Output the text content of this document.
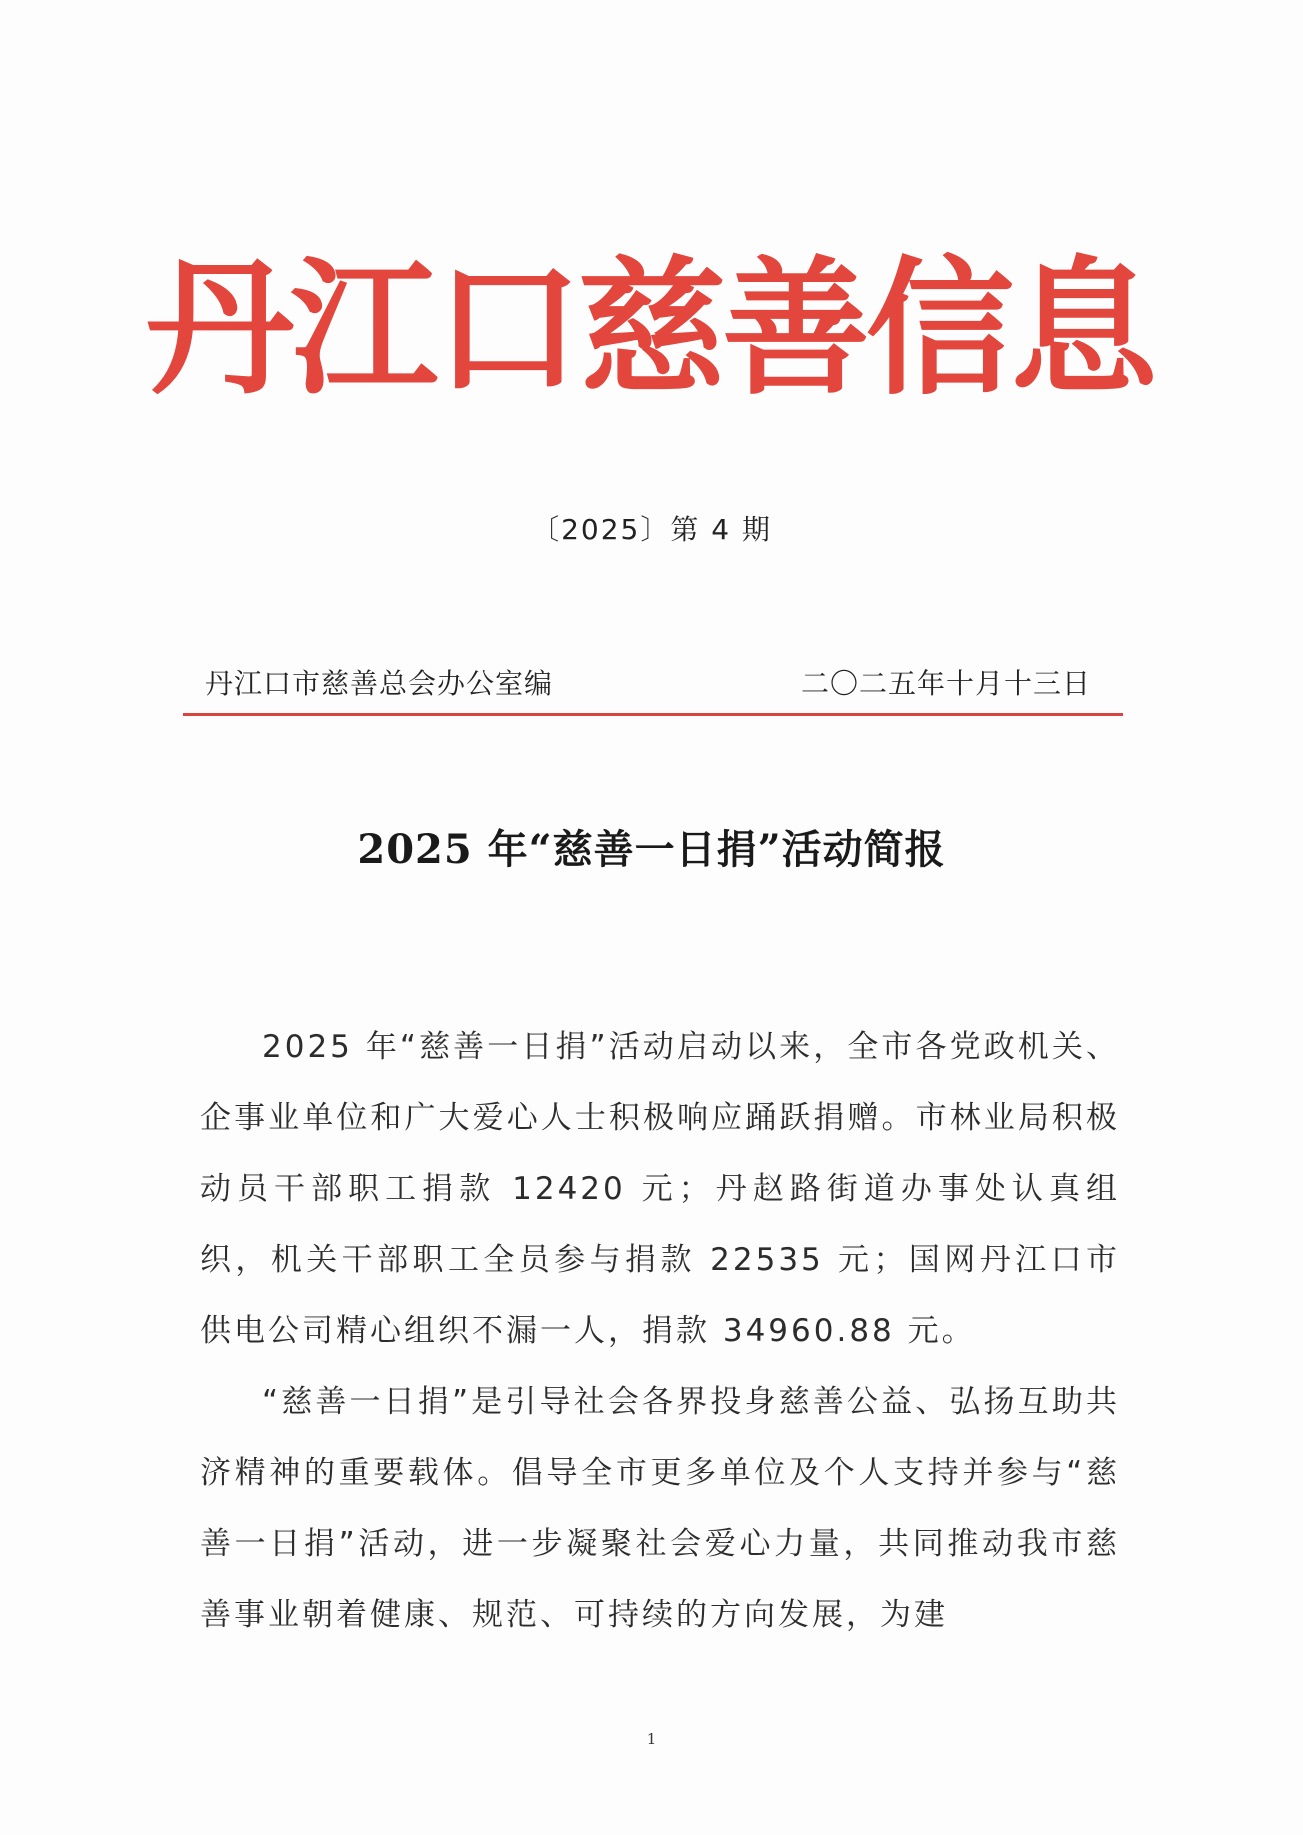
丹江口慈善信息
〔2025〕第 4 期
丹江口市慈善总会办公室编	二〇二五年十月十三日
2025 年“慈善一日捐”活动简报

2025 年“慈善一日捐”活动启动以来，全市各党政机关、企事业单位和广大爱心人士积极响应踊跃捐赠。市林业局积极动员干部职工捐款 12420 元；丹赵路街道办事处认真组织，机关干部职工全员参与捐款 22535 元；国网丹江口市供电公司精心组织不漏一人，捐款 34960.88 元。

“慈善一日捐”是引导社会各界投身慈善公益、弘扬互助共济精神的重要载体。倡导全市更多单位及个人支持并参与“慈善一日捐”活动，进一步凝聚社会爱心力量，共同推动我市慈善事业朝着健康、规范、可持续的方向发展，为建

1
